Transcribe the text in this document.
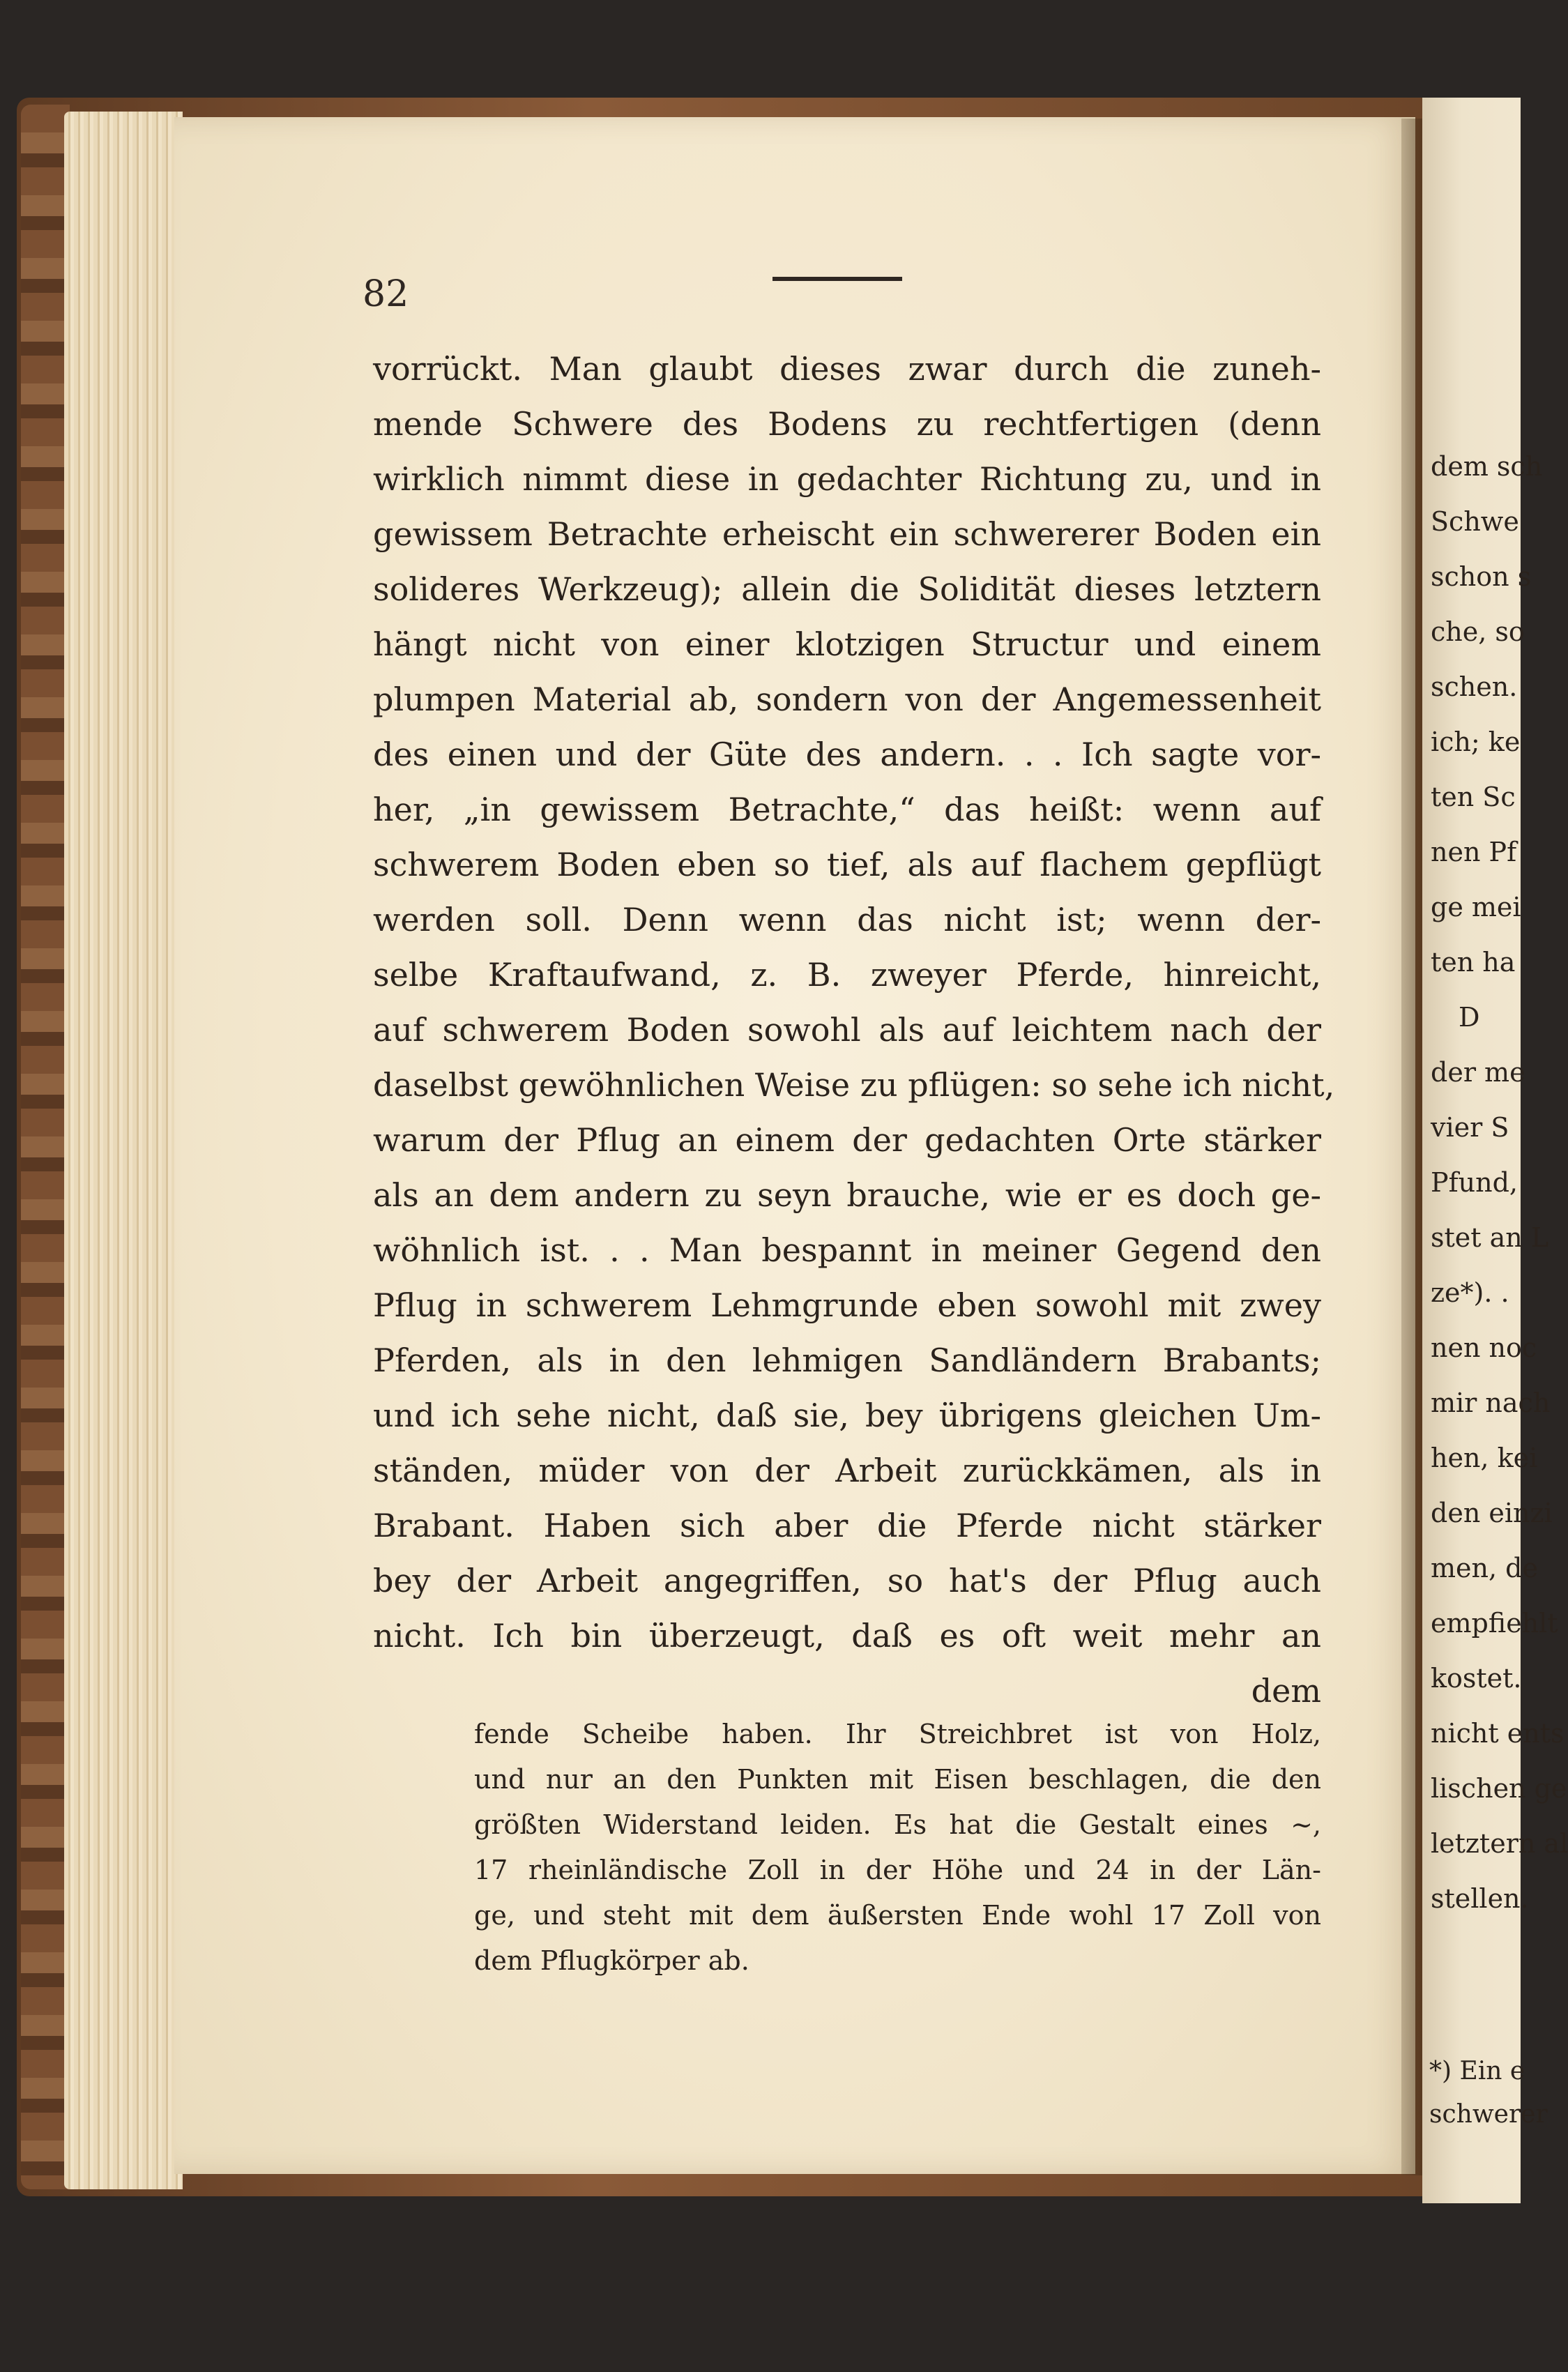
82
vorrückt. Man glaubt dieses zwar durch die zuneh-
mende Schwere des Bodens zu rechtfertigen (denn
wirklich nimmt diese in gedachter Richtung zu, und in
gewissem Betrachte erheischt ein schwererer Boden ein
solideres Werkzeug); allein die Solidität dieses letztern
hängt nicht von einer klotzigen Structur und einem
plumpen Material ab, sondern von der Angemessenheit
des einen und der Güte des andern. . . Ich sagte vor-
her, „in gewissem Betrachte,“ das heißt: wenn auf
schwerem Boden eben so tief, als auf flachem gepflügt
werden soll. Denn wenn das nicht ist; wenn der-
selbe Kraftaufwand, z. B. zweyer Pferde, hinreicht,
auf schwerem Boden sowohl als auf leichtem nach der
daselbst gewöhnlichen Weise zu pflügen: so sehe ich nicht,
warum der Pflug an einem der gedachten Orte stärker
als an dem andern zu seyn brauche, wie er es doch ge-
wöhnlich ist. . . Man bespannt in meiner Gegend den
Pflug in schwerem Lehmgrunde eben sowohl mit zwey
Pferden, als in den lehmigen Sandländern Brabants;
und ich sehe nicht, daß sie, bey übrigens gleichen Um-
ständen, müder von der Arbeit zurückkämen, als in
Brabant. Haben sich aber die Pferde nicht stärker
bey der Arbeit angegriffen, so hat's der Pflug auch
nicht. Ich bin überzeugt, daß es oft weit mehr an
dem
fende Scheibe haben. Ihr Streichbret ist von Holz,
und nur an den Punkten mit Eisen beschlagen, die den
größten Widerstand leiden. Es hat die Gestalt eines ~,
17 rheinländische Zoll in der Höhe und 24 in der Län-
ge, und steht mit dem äußersten Ende wohl 17 Zoll von
dem Pflugkörper ab.
dem sch
Schwe
schon s
che, so
schen.
ich; ke
ten Sc
nen Pf
ge mei
ten ha
D
der me
vier S
Pfund,
stet an L
ze*). .
nen noc
mir nach
hen, kei
den einzi
men, de
empfiehlt
kostet.
nicht ents
lischen ge
letztern al
stellen.
*) Ein e
schwerer
